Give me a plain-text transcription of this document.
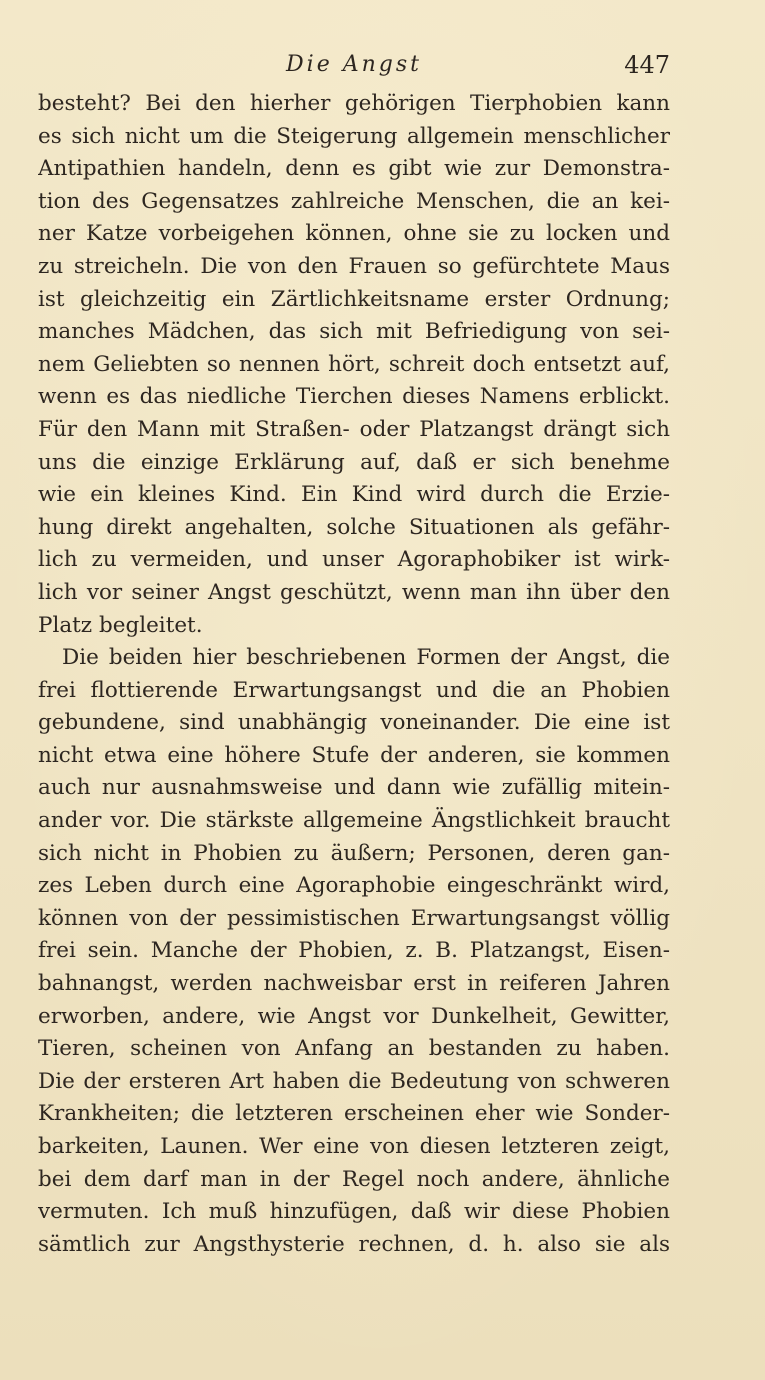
Die Angst	447
besteht? Bei den hierher gehörigen Tierphobien kann
es sich nicht um die Steigerung allgemein menschlicher
Antipathien handeln, denn es gibt wie zur Demonstra-
tion des Gegensatzes zahlreiche Menschen, die an kei-
ner Katze vorbeigehen können, ohne sie zu locken und
zu streicheln. Die von den Frauen so gefürchtete Maus
ist gleichzeitig ein Zärtlichkeitsname erster Ordnung;
manches Mädchen, das sich mit Befriedigung von sei-
nem Geliebten so nennen hört, schreit doch entsetzt auf,
wenn es das niedliche Tierchen dieses Namens erblickt.
Für den Mann mit Straßen- oder Platzangst drängt sich
uns die einzige Erklärung auf, daß er sich benehme
wie ein kleines Kind. Ein Kind wird durch die Erzie-
hung direkt angehalten, solche Situationen als gefähr-
lich zu vermeiden, und unser Agoraphobiker ist wirk-
lich vor seiner Angst geschützt, wenn man ihn über den
Platz begleitet.
Die beiden hier beschriebenen Formen der Angst, die
frei flottierende Erwartungsangst und die an Phobien
gebundene, sind unabhängig voneinander. Die eine ist
nicht etwa eine höhere Stufe der anderen, sie kommen
auch nur ausnahmsweise und dann wie zufällig mitein-
ander vor. Die stärkste allgemeine Ängstlichkeit braucht
sich nicht in Phobien zu äußern; Personen, deren gan-
zes Leben durch eine Agoraphobie eingeschränkt wird,
können von der pessimistischen Erwartungsangst völlig
frei sein. Manche der Phobien, z. B. Platzangst, Eisen-
bahnangst, werden nachweisbar erst in reiferen Jahren
erworben, andere, wie Angst vor Dunkelheit, Gewitter,
Tieren, scheinen von Anfang an bestanden zu haben.
Die der ersteren Art haben die Bedeutung von schweren
Krankheiten; die letzteren erscheinen eher wie Sonder-
barkeiten, Launen. Wer eine von diesen letzteren zeigt,
bei dem darf man in der Regel noch andere, ähnliche
vermuten. Ich muß hinzufügen, daß wir diese Phobien
sämtlich zur Angsthysterie rechnen, d. h. also sie als
